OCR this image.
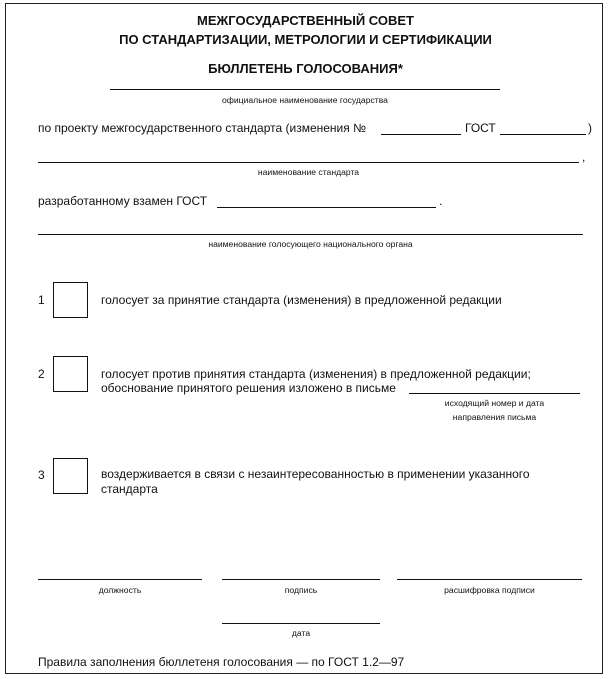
МЕЖГОСУДАРСТВЕННЫЙ СОВЕТ
ПО СТАНДАРТИЗАЦИИ, МЕТРОЛОГИИ И СЕРТИФИКАЦИИ
БЮЛЛЕТЕНЬ ГОЛОСОВАНИЯ*
официальное наименование государства
по проекту межгосударственного стандарта (изменения №	ГОСТ	)
,
наименование стандарта
разработанному взамен ГОСТ	.
наименование голосующего национального органа
1	голосует за принятие стандарта (изменения) в предложенной редакции
2	голосует против принятия стандарта (изменения) в предложенной редакции;
обоснование принятого решения изложено в письме
исходящий номер и дата
направления письма
3	воздерживается в связи с незаинтересованностью в применении указанного
стандарта
должность	подпись	расшифровка подписи
дата
Правила заполнения бюллетеня голосования — по ГОСТ 1.2—97
